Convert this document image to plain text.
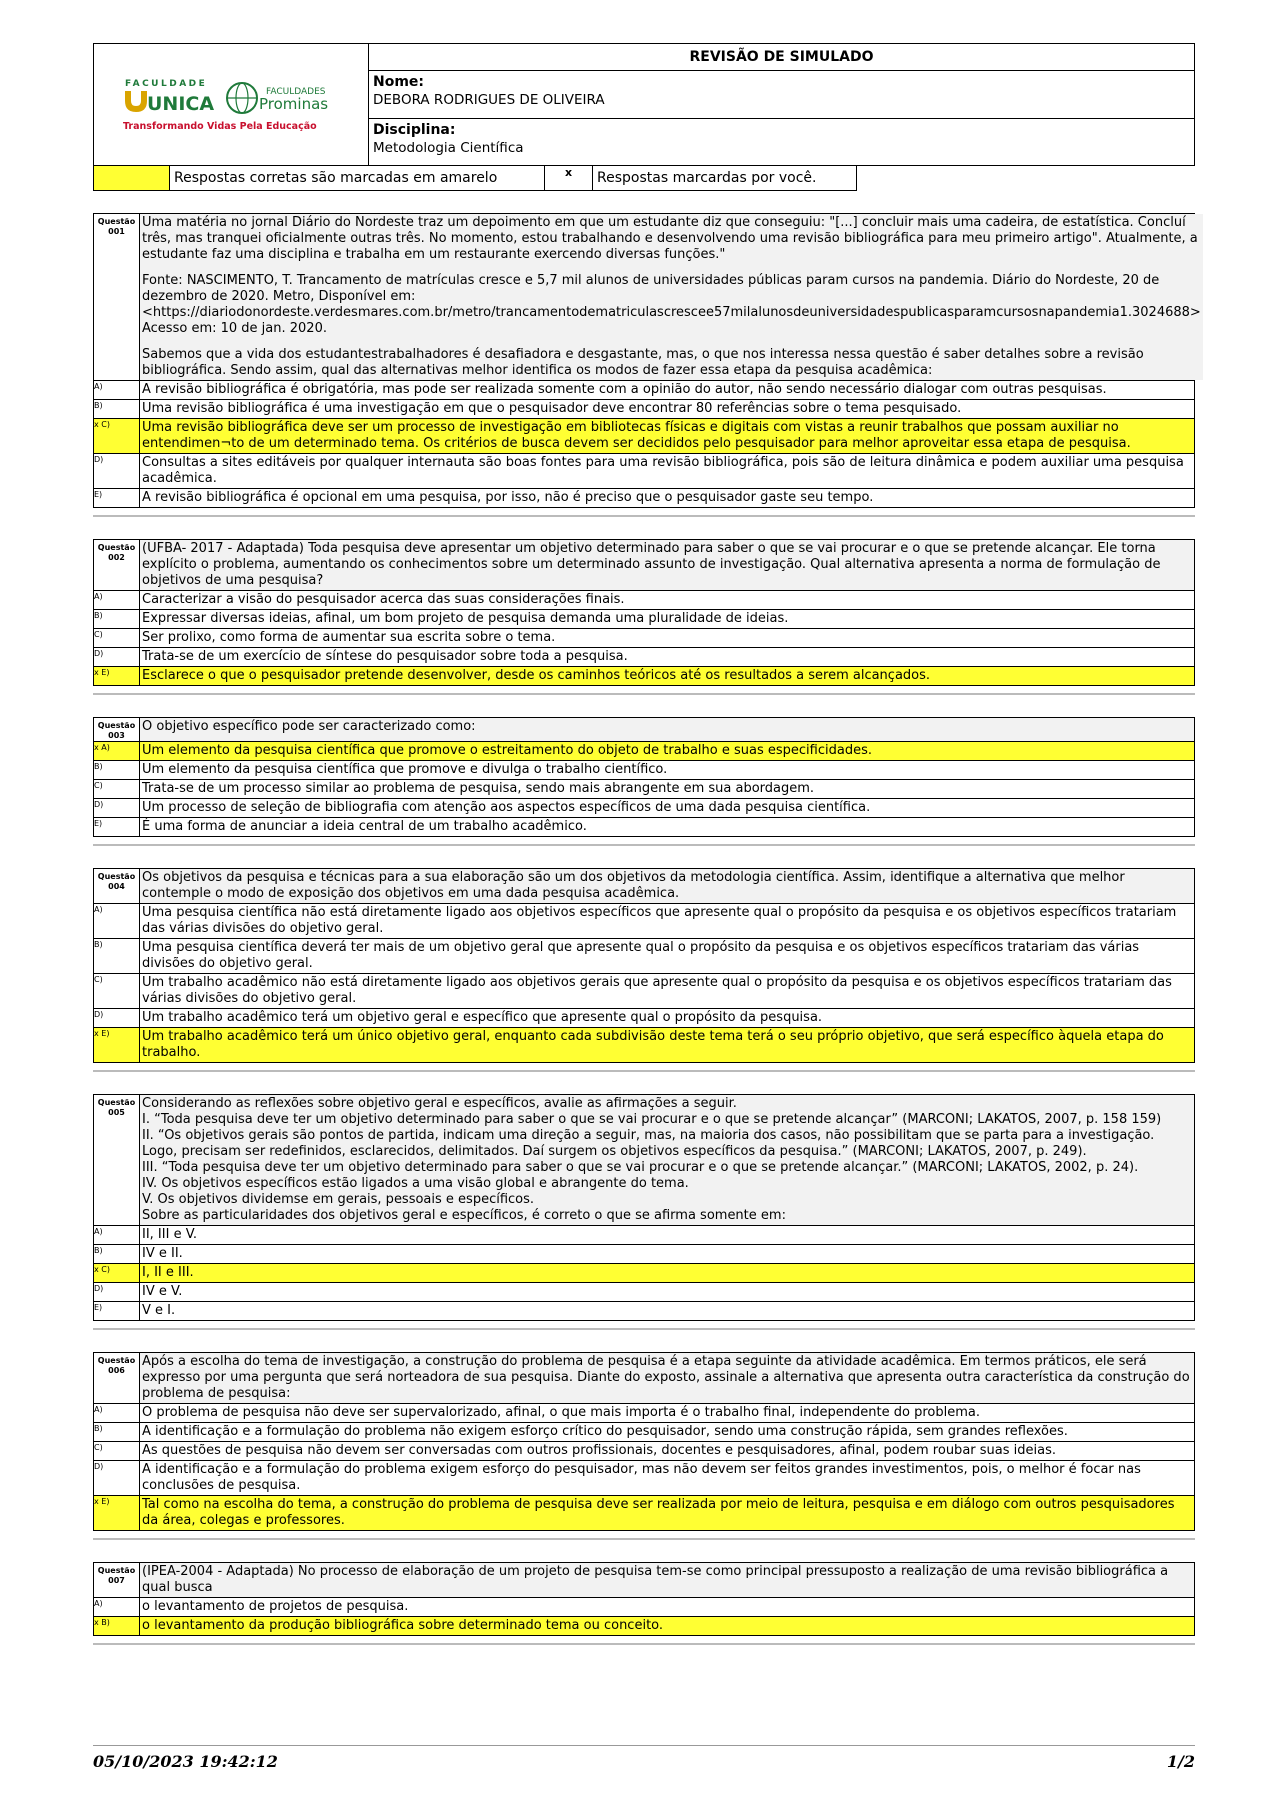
FACULDADE
UNICA
FACULDADES
Prominas
Transformando Vidas Pela Educação
REVISÃO DE SIMULADO
Nome:
DEBORA RODRIGUES DE OLIVEIRA
Disciplina:
Metodologia Científica
Respostas corretas são marcadas em amarelo	x	Respostas marcardas por você.
Questão
001

Uma matéria no jornal Diário do Nordeste traz um depoimento em que um estudante diz que conseguiu: "[...] concluir mais uma cadeira, de estatística. Concluí três, mas tranquei oficialmente outras três. No momento, estou trabalhando e desenvolvendo uma revisão bibliográfica para meu primeiro artigo". Atualmente, a estudante faz uma disciplina e trabalha em um restaurante exercendo diversas funções."

Fonte: NASCIMENTO, T. Trancamento de matrículas cresce e 5,7 mil alunos de universidades públicas param cursos na pandemia. Diário do Nordeste, 20 de dezembro de 2020. Metro, Disponível em: <https://diariodonordeste.verdesmares.com.br/metro/trancamentodematriculascrescee57milalunosdeuniversidadespublicasparamcursosnapandemia1.3024688> Acesso em: 10 de jan. 2020.

Sabemos que a vida dos estudantestrabalhadores é desafiadora e desgastante, mas, o que nos interessa nessa questão é saber detalhes sobre a revisão bibliográfica. Sendo assim, qual das alternativas melhor identifica os modos de fazer essa etapa da pesquisa acadêmica:

A)	A revisão bibliográfica é obrigatória, mas pode ser realizada somente com a opinião do autor, não sendo necessário dialogar com outras pesquisas.
B)	Uma revisão bibliográfica é uma investigação em que o pesquisador deve encontrar 80 referências sobre o tema pesquisado.
x C)	Uma revisão bibliográfica deve ser um processo de investigação em bibliotecas físicas e digitais com vistas a reunir trabalhos que possam auxiliar no entendimen¬to de um determinado tema. Os critérios de busca devem ser decididos pelo pesquisador para melhor aproveitar essa etapa de pesquisa.
D)	Consultas a sites editáveis por qualquer internauta são boas fontes para uma revisão bibliográfica, pois são de leitura dinâmica e podem auxiliar uma pesquisa acadêmica.
E)	A revisão bibliográfica é opcional em uma pesquisa, por isso, não é preciso que o pesquisador gaste seu tempo.
Questão
002

(UFBA- 2017 - Adaptada) Toda pesquisa deve apresentar um objetivo determinado para saber o que se vai procurar e o que se pretende alcançar. Ele torna explícito o problema, aumentando os conhecimentos sobre um determinado assunto de investigação. Qual alternativa apresenta a norma de formulação de objetivos de uma pesquisa?

A)	Caracterizar a visão do pesquisador acerca das suas considerações finais.
B)	Expressar diversas ideias, afinal, um bom projeto de pesquisa demanda uma pluralidade de ideias.
C)	Ser prolixo, como forma de aumentar sua escrita sobre o tema.
D)	Trata-se de um exercício de síntese do pesquisador sobre toda a pesquisa.
x E)	Esclarece o que o pesquisador pretende desenvolver, desde os caminhos teóricos até os resultados a serem alcançados.
Questão
003

O objetivo específico pode ser caracterizado como:

x A)	Um elemento da pesquisa científica que promove o estreitamento do objeto de trabalho e suas especificidades.
B)	Um elemento da pesquisa científica que promove e divulga o trabalho científico.
C)	Trata-se de um processo similar ao problema de pesquisa, sendo mais abrangente em sua abordagem.
D)	Um processo de seleção de bibliografia com atenção aos aspectos específicos de uma dada pesquisa científica.
E)	É uma forma de anunciar a ideia central de um trabalho acadêmico.
Questão
004

Os objetivos da pesquisa e técnicas para a sua elaboração são um dos objetivos da metodologia científica. Assim, identifique a alternativa que melhor contemple o modo de exposição dos objetivos em uma dada pesquisa acadêmica.

A)	Uma pesquisa científica não está diretamente ligado aos objetivos específicos que apresente qual o propósito da pesquisa e os objetivos específicos tratariam das várias divisões do objetivo geral.
B)	Uma pesquisa científica deverá ter mais de um objetivo geral que apresente qual o propósito da pesquisa e os objetivos específicos tratariam das várias divisões do objetivo geral.
C)	Um trabalho acadêmico não está diretamente ligado aos objetivos gerais que apresente qual o propósito da pesquisa e os objetivos específicos tratariam das várias divisões do objetivo geral.
D)	Um trabalho acadêmico terá um objetivo geral e específico que apresente qual o propósito da pesquisa.
x E)	Um trabalho acadêmico terá um único objetivo geral, enquanto cada subdivisão deste tema terá o seu próprio objetivo, que será específico àquela etapa do trabalho.
Questão
005

Considerando as reflexões sobre objetivo geral e específicos, avalie as afirmações a seguir.
I. “Toda pesquisa deve ter um objetivo determinado para saber o que se vai procurar e o que se pretende alcançar” (MARCONI; LAKATOS, 2007, p. 158 159)
II. “Os objetivos gerais são pontos de partida, indicam uma direção a seguir, mas, na maioria dos casos, não possibilitam que se parta para a investigação. Logo, precisam ser redefinidos, esclarecidos, delimitados. Daí surgem os objetivos específicos da pesquisa.” (MARCONI; LAKATOS, 2007, p. 249).
III. “Toda pesquisa deve ter um objetivo determinado para saber o que se vai procurar e o que se pretende alcançar.” (MARCONI; LAKATOS, 2002, p. 24).
IV. Os objetivos específicos estão ligados a uma visão global e abrangente do tema.
V. Os objetivos dividemse em gerais, pessoais e específicos.
Sobre as particularidades dos objetivos geral e específicos, é correto o que se afirma somente em:

A)	II, III e V.
B)	IV e II.
x C)	I, II e III.
D)	IV e V.
E)	V e I.
Questão
006

Após a escolha do tema de investigação, a construção do problema de pesquisa é a etapa seguinte da atividade acadêmica. Em termos práticos, ele será expresso por uma pergunta que será norteadora de sua pesquisa. Diante do exposto, assinale a alternativa que apresenta outra característica da construção do problema de pesquisa:

A)	O problema de pesquisa não deve ser supervalorizado, afinal, o que mais importa é o trabalho final, independente do problema.
B)	A identificação e a formulação do problema não exigem esforço crítico do pesquisador, sendo uma construção rápida, sem grandes reflexões.
C)	As questões de pesquisa não devem ser conversadas com outros profissionais, docentes e pesquisadores, afinal, podem roubar suas ideias.
D)	A identificação e a formulação do problema exigem esforço do pesquisador, mas não devem ser feitos grandes investimentos, pois, o melhor é focar nas conclusões de pesquisa.
x E)	Tal como na escolha do tema, a construção do problema de pesquisa deve ser realizada por meio de leitura, pesquisa e em diálogo com outros pesquisadores da área, colegas e professores.
Questão
007

(IPEA-2004 - Adaptada) No processo de elaboração de um projeto de pesquisa tem-se como principal pressuposto a realização de uma revisão bibliográfica a qual busca

A)	o levantamento de projetos de pesquisa.
x B)	o levantamento da produção bibliográfica sobre determinado tema ou conceito.
05/10/2023 19:42:12	1/2
